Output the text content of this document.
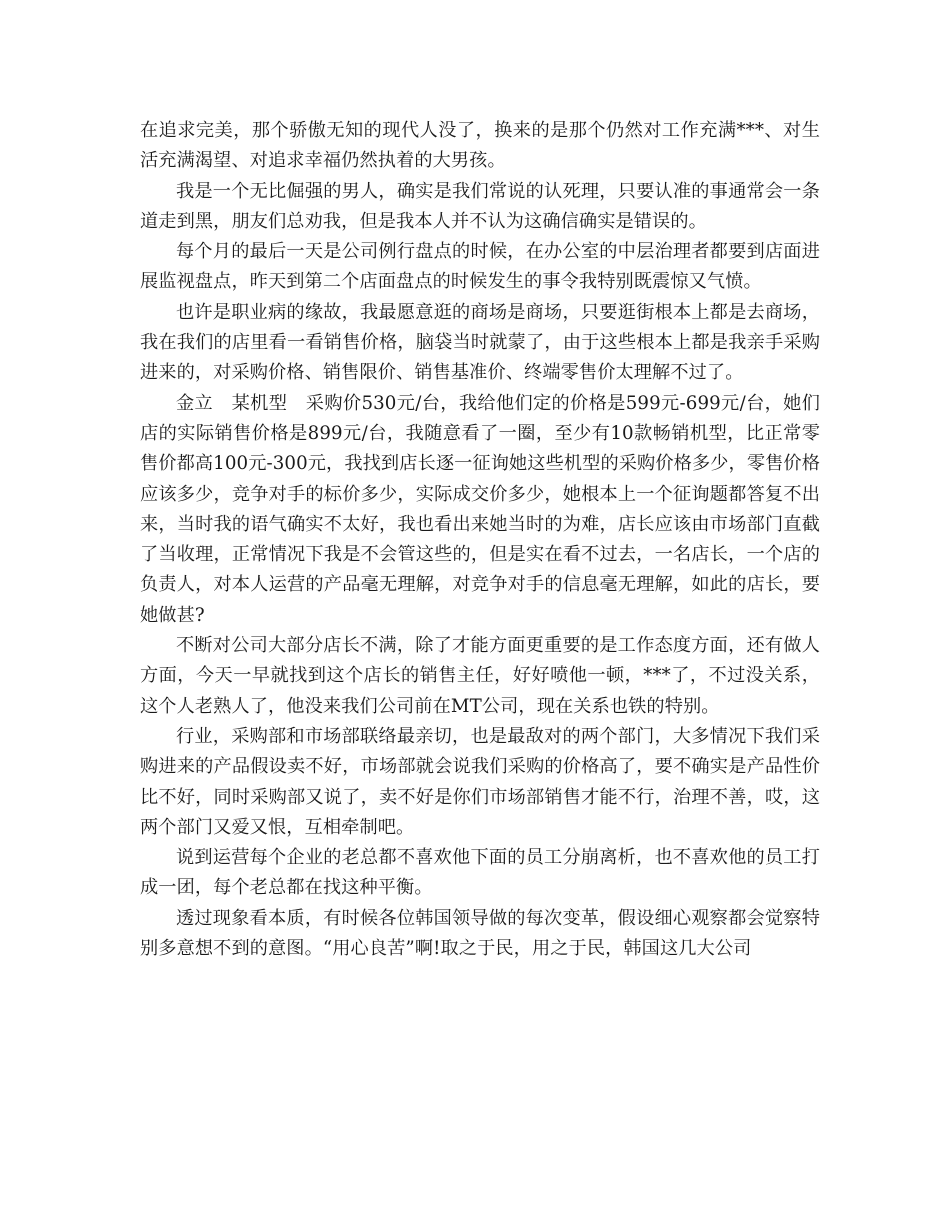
在追求完美，那个骄傲无知的现代人没了，换来的是那个仍然对工作充满***、对生活充满渴望、对追求幸福仍然执着的大男孩。

我是一个无比倔强的男人，确实是我们常说的认死理，只要认准的事通常会一条道走到黑，朋友们总劝我，但是我本人并不认为这确信确实是错误的。

每个月的最后一天是公司例行盘点的时候，在办公室的中层治理者都要到店面进展监视盘点，昨天到第二个店面盘点的时候发生的事令我特别既震惊又气愤。

也许是职业病的缘故，我最愿意逛的商场是商场，只要逛街根本上都是去商场，我在我们的店里看一看销售价格，脑袋当时就蒙了，由于这些根本上都是我亲手采购进来的，对采购价格、销售限价、销售基准价、终端零售价太理解不过了。

金立　某机型　采购价530元/台，我给他们定的价格是599元-699元/台，她们店的实际销售价格是899元/台，我随意看了一圈，至少有10款畅销机型，比正常零售价都高100元-300元，我找到店长逐一征询她这些机型的采购价格多少，零售价格应该多少，竞争对手的标价多少，实际成交价多少，她根本上一个征询题都答复不出来，当时我的语气确实不太好，我也看出来她当时的为难，店长应该由市场部门直截了当收理，正常情况下我是不会管这些的，但是实在看不过去，一名店长，一个店的负责人，对本人运营的产品毫无理解，对竞争对手的信息毫无理解，如此的店长，要她做甚?

不断对公司大部分店长不满，除了才能方面更重要的是工作态度方面，还有做人方面，今天一早就找到这个店长的销售主任，好好喷他一顿，***了，不过没关系，这个人老熟人了，他没来我们公司前在MT公司，现在关系也铁的特别。

行业，采购部和市场部联络最亲切，也是最敌对的两个部门，大多情况下我们采购进来的产品假设卖不好，市场部就会说我们采购的价格高了，要不确实是产品性价比不好，同时采购部又说了，卖不好是你们市场部销售才能不行，治理不善，哎，这两个部门又爱又恨，互相牵制吧。

说到运营每个企业的老总都不喜欢他下面的员工分崩离析，也不喜欢他的员工打成一团，每个老总都在找这种平衡。

透过现象看本质，有时候各位韩国领导做的每次变革，假设细心观察都会觉察特别多意想不到的意图。“用心良苦”啊!取之于民，用之于民，韩国这几大公司
